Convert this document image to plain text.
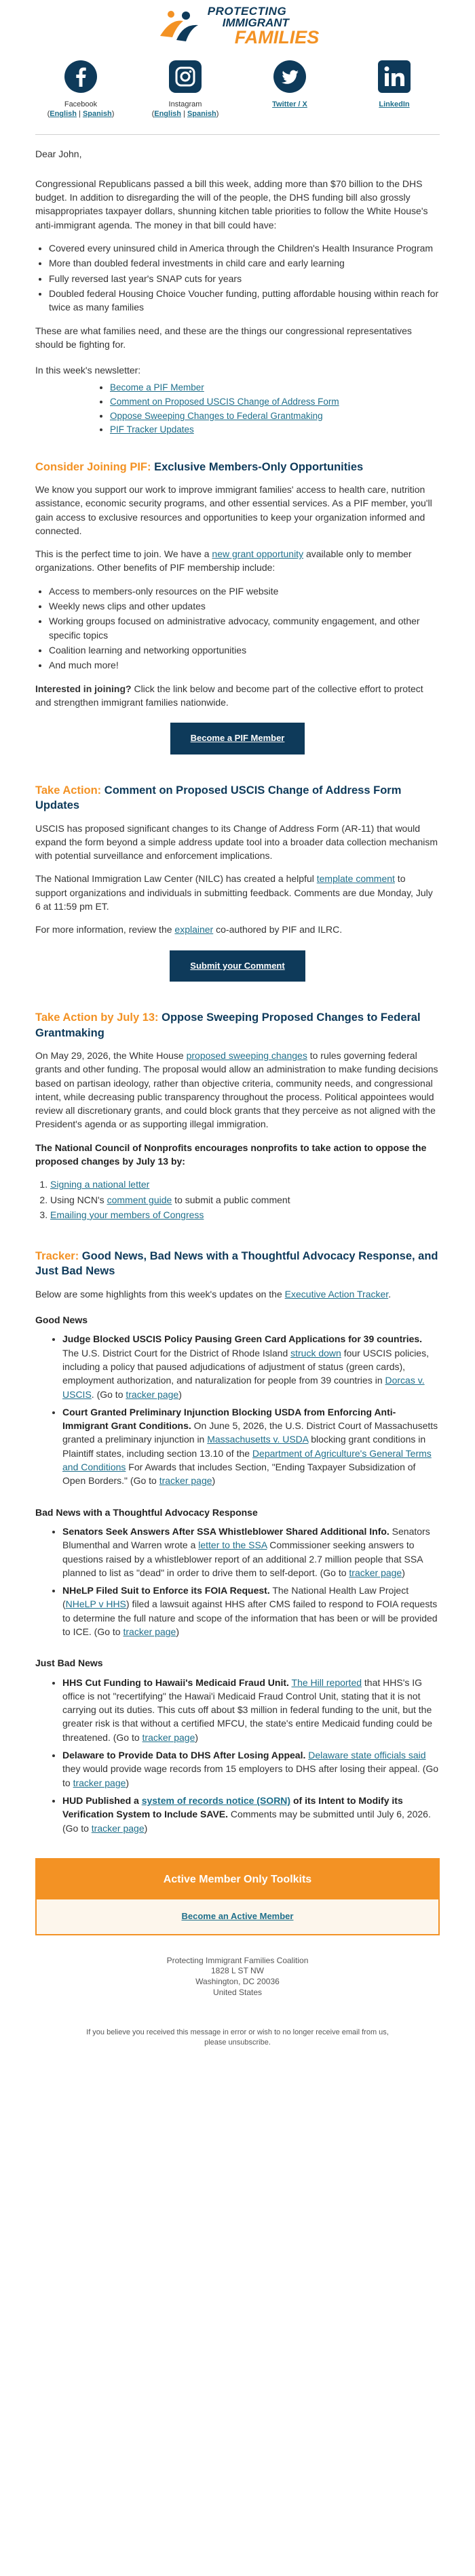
PROTECTING
IMMIGRANT
FAMILIES
Facebook
(English | Spanish)
Instagram
(English | Spanish)
Twitter / X	LinkedIn

Dear John,

Congressional Republicans passed a bill this week, adding more than $70 billion to the DHS budget. In addition to disregarding the will of the people, the DHS funding bill also grossly misappropriates taxpayer dollars, shunning kitchen table priorities to follow the White House's anti-immigrant agenda. The money in that bill could have:

• Covered every uninsured child in America through the Children's Health Insurance Program
• More than doubled federal investments in child care and early learning
• Fully reversed last year's SNAP cuts for years
• Doubled federal Housing Choice Voucher funding, putting affordable housing within reach for twice as many families

These are what families need, and these are the things our congressional representatives should be fighting for.

In this week's newsletter:

• Become a PIF Member
• Comment on Proposed USCIS Change of Address Form
• Oppose Sweeping Changes to Federal Grantmaking
• PIF Tracker Updates
Consider Joining PIF: Exclusive Members-Only Opportunities

We know you support our work to improve immigrant families' access to health care, nutrition assistance, economic security programs, and other essential services. As a PIF member, you'll gain access to exclusive resources and opportunities to keep your organization informed and connected.

This is the perfect time to join. We have a new grant opportunity available only to member organizations. Other benefits of PIF membership include:

• Access to members-only resources on the PIF website
• Weekly news clips and other updates
• Working groups focused on administrative advocacy, community engagement, and other specific topics
• Coalition learning and networking opportunities
• And much more!

Interested in joining? Click the link below and become part of the collective effort to protect and strengthen immigrant families nationwide.

Become a PIF Member
Take Action: Comment on Proposed USCIS Change of Address Form Updates

USCIS has proposed significant changes to its Change of Address Form (AR-11) that would expand the form beyond a simple address update tool into a broader data collection mechanism with potential surveillance and enforcement implications.

The National Immigration Law Center (NILC) has created a helpful template comment to support organizations and individuals in submitting feedback. Comments are due Monday, July 6 at 11:59 pm ET.

For more information, review the explainer co-authored by PIF and ILRC.

Submit your Comment
Take Action by July 13: Oppose Sweeping Proposed Changes to Federal Grantmaking

On May 29, 2026, the White House proposed sweeping changes to rules governing federal grants and other funding. The proposal would allow an administration to make funding decisions based on partisan ideology, rather than objective criteria, community needs, and congressional intent, while decreasing public transparency throughout the process. Political appointees would review all discretionary grants, and could block grants that they perceive as not aligned with the President's agenda or as supporting illegal immigration.

The National Council of Nonprofits encourages nonprofits to take action to oppose the proposed changes by July 13 by:

1. Signing a national letter
2. Using NCN's comment guide to submit a public comment
3. Emailing your members of Congress
Tracker: Good News, Bad News with a Thoughtful Advocacy Response, and Just Bad News

Below are some highlights from this week's updates on the Executive Action Tracker.

Good News
• Judge Blocked USCIS Policy Pausing Green Card Applications for 39 countries. The U.S. District Court for the District of Rhode Island struck down four USCIS policies, including a policy that paused adjudications of adjustment of status (green cards), employment authorization, and naturalization for people from 39 countries in Dorcas v. USCIS. (Go to tracker page)
• Court Granted Preliminary Injunction Blocking USDA from Enforcing Anti-Immigrant Grant Conditions. On June 5, 2026, the U.S. District Court of Massachusetts granted a preliminary injunction in Massachusetts v. USDA blocking grant conditions in Plaintiff states, including section 13.10 of the Department of Agriculture's General Terms and Conditions For Awards that includes Section, "Ending Taxpayer Subsidization of Open Borders." (Go to tracker page)
Bad News with a Thoughtful Advocacy Response
• Senators Seek Answers After SSA Whistleblower Shared Additional Info. Senators Blumenthal and Warren wrote a letter to the SSA Commissioner seeking answers to questions raised by a whistleblower report of an additional 2.7 million people that SSA planned to list as "dead" in order to drive them to self-deport. (Go to tracker page)
• NHeLP Filed Suit to Enforce its FOIA Request. The National Health Law Project (NHeLP v HHS) filed a lawsuit against HHS after CMS failed to respond to FOIA requests to determine the full nature and scope of the information that has been or will be provided to ICE. (Go to tracker page)
Just Bad News
• HHS Cut Funding to Hawaii's Medicaid Fraud Unit. The Hill reported that HHS's IG office is not "recertifying" the Hawai'i Medicaid Fraud Control Unit, stating that it is not carrying out its duties. This cuts off about $3 million in federal funding to the unit, but the greater risk is that without a certified MFCU, the state's entire Medicaid funding could be threatened. (Go to tracker page)
• Delaware to Provide Data to DHS After Losing Appeal. Delaware state officials said they would provide wage records from 15 employers to DHS after losing their appeal. (Go to tracker page)
• HUD Published a system of records notice (SORN) of its Intent to Modify its Verification System to Include SAVE. Comments may be submitted until July 6, 2026. (Go to tracker page)
Active Member Only Toolkits
Become an Active Member
Protecting Immigrant Families Coalition
1828 L ST NW
Washington, DC 20036
United States
If you believe you received this message in error or wish to no longer receive email from us, please unsubscribe.
